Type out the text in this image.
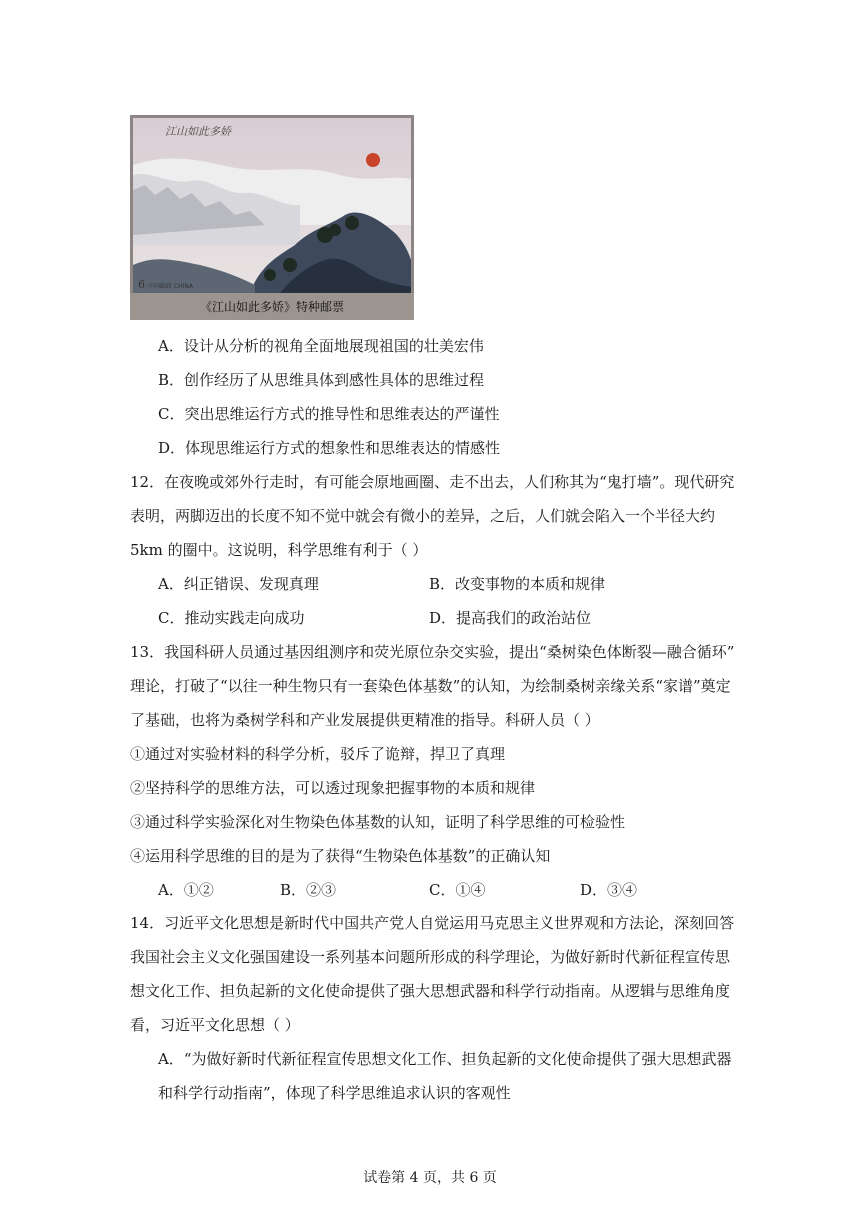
江山如此多娇
6 中国邮政 CHINA
《江山如此多娇》特种邮票
A．设计从分析的视角全面地展现祖国的壮美宏伟
B．创作经历了从思维具体到感性具体的思维过程
C．突出思维运行方式的推导性和思维表达的严谨性
D．体现思维运行方式的想象性和思维表达的情感性
12．在夜晚或郊外行走时，有可能会原地画圈、走不出去，人们称其为“鬼打墙”。现代研究
表明，两脚迈出的长度不知不觉中就会有微小的差异，之后，人们就会陷入一个半径大约
5km 的圈中。这说明，科学思维有利于（ ）
A．纠正错误、发现真理	B．改变事物的本质和规律
C．推动实践走向成功	D．提高我们的政治站位
13．我国科研人员通过基因组测序和荧光原位杂交实验，提出“桑树染色体断裂—融合循环”
理论，打破了“以往一种生物只有一套染色体基数”的认知，为绘制桑树亲缘关系“家谱”奠定
了基础，也将为桑树学科和产业发展提供更精准的指导。科研人员（ ）
①通过对实验材料的科学分析，驳斥了诡辩，捍卫了真理
②坚持科学的思维方法，可以透过现象把握事物的本质和规律
③通过科学实验深化对生物染色体基数的认知，证明了科学思维的可检验性
④运用科学思维的目的是为了获得“生物染色体基数”的正确认知
A．①②	B．②③	C．①④	D．③④
14．习近平文化思想是新时代中国共产党人自觉运用马克思主义世界观和方法论，深刻回答
我国社会主义文化强国建设一系列基本问题所形成的科学理论，为做好新时代新征程宣传思
想文化工作、担负起新的文化使命提供了强大思想武器和科学行动指南。从逻辑与思维角度
看，习近平文化思想（ ）
A．“为做好新时代新征程宣传思想文化工作、担负起新的文化使命提供了强大思想武器
和科学行动指南”，体现了科学思维追求认识的客观性
试卷第 4 页，共 6 页
